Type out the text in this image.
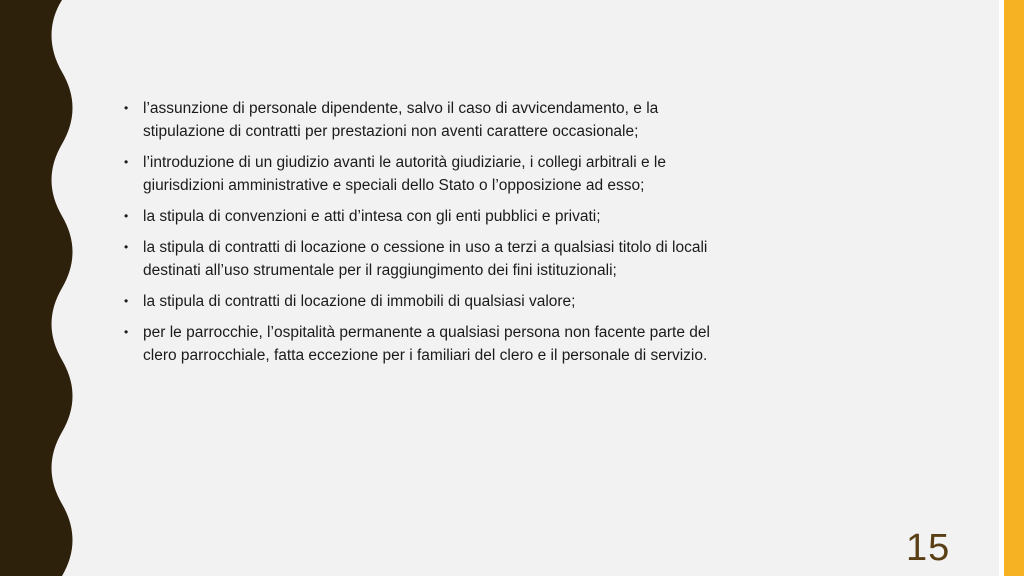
• l’assunzione di personale dipendente, salvo il caso di avvicendamento, e la stipulazione di contratti per prestazioni non aventi carattere occasionale;
• l’introduzione di un giudizio avanti le autorità giudiziarie, i collegi arbitrali e le giurisdizioni amministrative e speciali dello Stato o l’opposizione ad esso;
• la stipula di convenzioni e atti d’intesa con gli enti pubblici e privati;
• la stipula di contratti di locazione o cessione in uso a terzi a qualsiasi titolo di locali destinati all’uso strumentale per il raggiungimento dei fini istituzionali;
• la stipula di contratti di locazione di immobili di qualsiasi valore;
• per le parrocchie, l’ospitalità permanente a qualsiasi persona non facente parte del clero parrocchiale, fatta eccezione per i familiari del clero e il personale di servizio.
15
